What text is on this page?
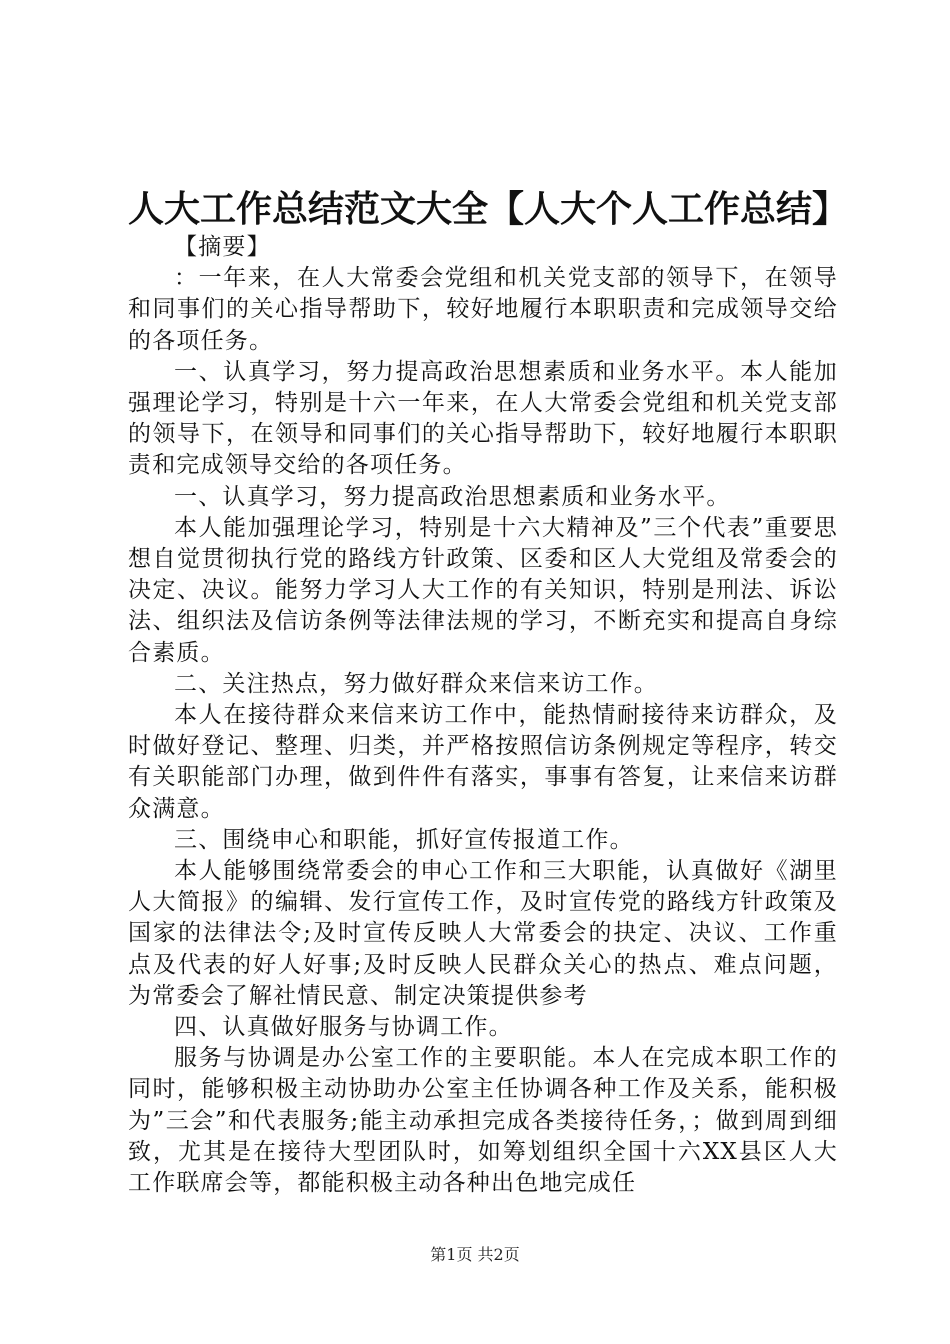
人大工作总结范文大全【人大个人工作总结】

【摘要】

：一年来，在人大常委会党组和机关党支部的领导下，在领导和同事们的关心指导帮助下，较好地履行本职职责和完成领导交给的各项任务。

一、认真学习，努力提高政治思想素质和业务水平。本人能加强理论学习，特别是十六一年来，在人大常委会党组和机关党支部的领导下，在领导和同事们的关心指导帮助下，较好地履行本职职责和完成领导交给的各项任务。

一、认真学习，努力提高政治思想素质和业务水平。

本人能加强理论学习，特别是十六大精神及”三个代表”重要思想自觉贯彻执行党的路线方针政策、区委和区人大党组及常委会的决定、决议。能努力学习人大工作的有关知识，特别是刑法、诉讼法、组织法及信访条例等法律法规的学习，不断充实和提高自身综合素质。

二、关注热点，努力做好群众来信来访工作。

本人在接待群众来信来访工作中，能热情耐接待来访群众，及时做好登记、整理、归类，并严格按照信访条例规定等程序，转交有关职能部门办理，做到件件有落实，事事有答复，让来信来访群众满意。

三、围绕申心和职能，抓好宣传报道工作。

本人能够围绕常委会的申心工作和三大职能，认真做好《湖里人大简报》的编辑、发行宣传工作，及时宣传党的路线方针政策及国家的法律法令;及时宣传反映人大常委会的抉定、决议、工作重点及代表的好人好事;及时反映人民群众关心的热点、难点问题，为常委会了解社情民意、制定决策提供参考

四、认真做好服务与协调工作。

服务与协调是办公室工作的主要职能。本人在完成本职工作的同时，能够积极主动协助办公室主任协调各种工作及关系，能积极为”三会”和代表服务;能主动承担完成各类接待任务，；做到周到细致，尤其是在接待大型团队时，如筹划组织全国十六XX县区人大工作联席会等，都能积极主动各种出色地完成任

第1页 共2页
